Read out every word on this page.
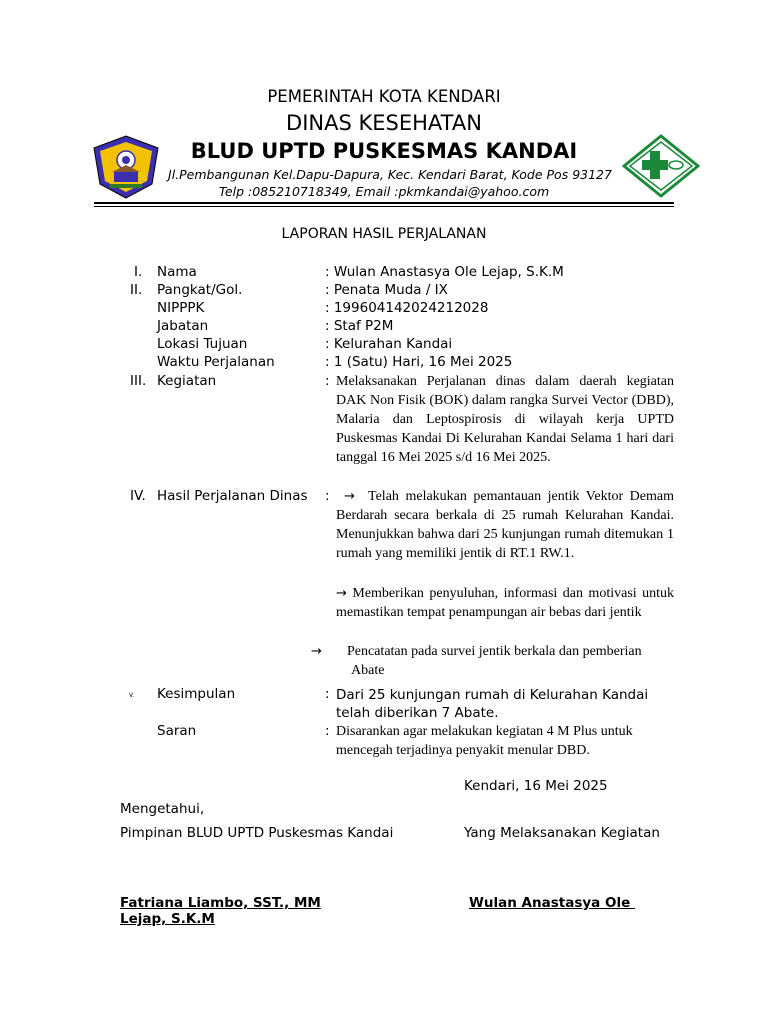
PEMERINTAH KOTA KENDARI
DINAS KESEHATAN
BLUD UPTD PUSKESMAS KANDAI
Jl.Pembangunan Kel.Dapu-Dapura, Kec. Kendari Barat, Kode Pos 93127
Telp :085210718349, Email :pkmkandai@yahoo.com
LAPORAN HASIL PERJALANAN
I. Nama	: Wulan Anastasya Ole Lejap, S.K.M
II. Pangkat/Gol.	: Penata Muda / IX
NIPPPK	: 199604142024212028
Jabatan	: Staf P2M
Lokasi Tujuan	: Kelurahan Kandai
Waktu Perjalanan	: 1 (Satu) Hari, 16 Mei 2025
III. Kegiatan	: Melaksanakan Perjalanan dinas dalam daerah kegiatan DAK Non Fisik (BOK) dalam rangka Survei Vector (DBD), Malaria dan Leptospirosis di wilayah kerja UPTD Puskesmas Kandai Di Kelurahan Kandai Selama 1 hari dari tanggal 16 Mei 2025 s/d 16 Mei 2025.
IV. Hasil Perjalanan Dinas :	→ Telah melakukan pemantauan jentik Vektor Demam Berdarah secara berkala di 25 rumah Kelurahan Kandai. Menunjukkan bahwa dari 25 kunjungan rumah ditemukan 1 rumah yang memiliki jentik di RT.1 RW.1.
→ Memberikan penyuluhan, informasi dan motivasi untuk memastikan tempat penampungan air bebas dari jentik
→ Pencatatan pada survei jentik berkala dan pemberian Abate
V. Kesimpulan	: Dari 25 kunjungan rumah di Kelurahan Kandai telah diberikan 7 Abate.
Saran	: Disarankan agar melakukan kegiatan 4 M Plus untuk mencegah terjadinya penyakit menular DBD.
Kendari, 16 Mei 2025
Mengetahui,
Pimpinan BLUD UPTD Puskesmas Kandai	Yang Melaksanakan Kegiatan
Fatriana Liambo, SST., MM	Wulan Anastasya Ole
Lejap, S.K.M
